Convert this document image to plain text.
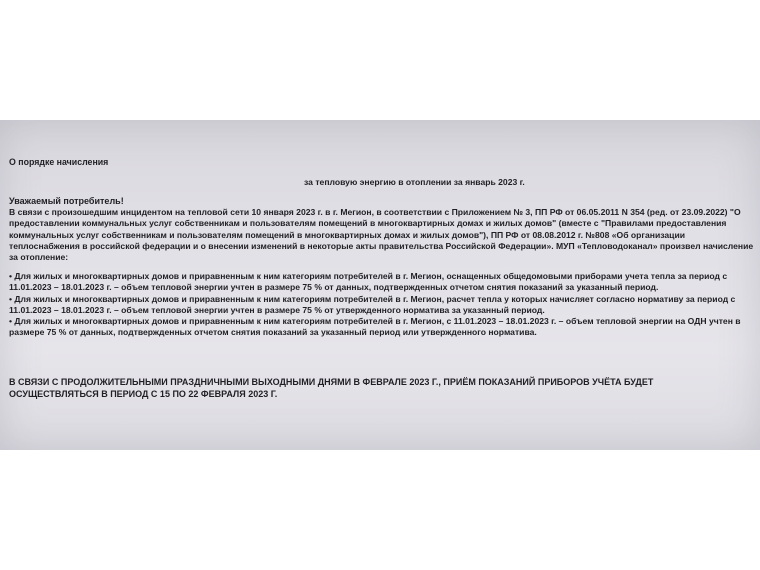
О порядке начисления
за тепловую энергию в отоплении за январь 2023 г.
Уважаемый потребитель!
В связи с произошедшим инцидентом на тепловой сети 10 января 2023 г. в г. Мегион, в соответствии с Приложением № 3, ПП РФ от 06.05.2011 N 354 (ред. от 23.09.2022) "О предоставлении коммунальных услуг собственникам и пользователям помещений в многоквартирных домах и жилых домов" (вместе с "Правилами предоставления коммунальных услуг собственникам и пользователям помещений в многоквартирных домах и жилых домов"), ПП РФ от 08.08.2012 г. №808 «Об организации теплоснабжения в российской федерации и о внесении изменений в некоторые акты правительства Российской Федерации». МУП «Тепловодоканал» произвел начисление за отопление:
• Для жилых и многоквартирных домов и приравненным к ним категориям потребителей в г. Мегион, оснащенных общедомовыми приборами учета тепла за период с 11.01.2023 – 18.01.2023 г. – объем тепловой энергии учтен в размере 75 % от данных, подтвержденных отчетом снятия показаний за указанный период.
• Для жилых и многоквартирных домов и приравненным к ним категориям потребителей в г. Мегион, расчет тепла у которых начисляет согласно нормативу за период с 11.01.2023 – 18.01.2023 г. – объем тепловой энергии учтен в размере 75 % от утвержденного норматива за указанный период.
• Для жилых и многоквартирных домов и приравненным к ним категориям потребителей в г. Мегион, с 11.01.2023 – 18.01.2023 г. – объем тепловой энергии на ОДН учтен в размере 75 % от данных, подтвержденных отчетом снятия показаний за указанный период или утвержденного норматива.
В СВЯЗИ С ПРОДОЛЖИТЕЛЬНЫМИ ПРАЗДНИЧНЫМИ ВЫХОДНЫМИ ДНЯМИ В ФЕВРАЛЕ 2023 Г., ПРИЁМ ПОКАЗАНИЙ ПРИБОРОВ УЧЁТА БУДЕТ ОСУЩЕСТВЛЯТЬСЯ В ПЕРИОД С 15 ПО 22 ФЕВРАЛЯ 2023 Г.
